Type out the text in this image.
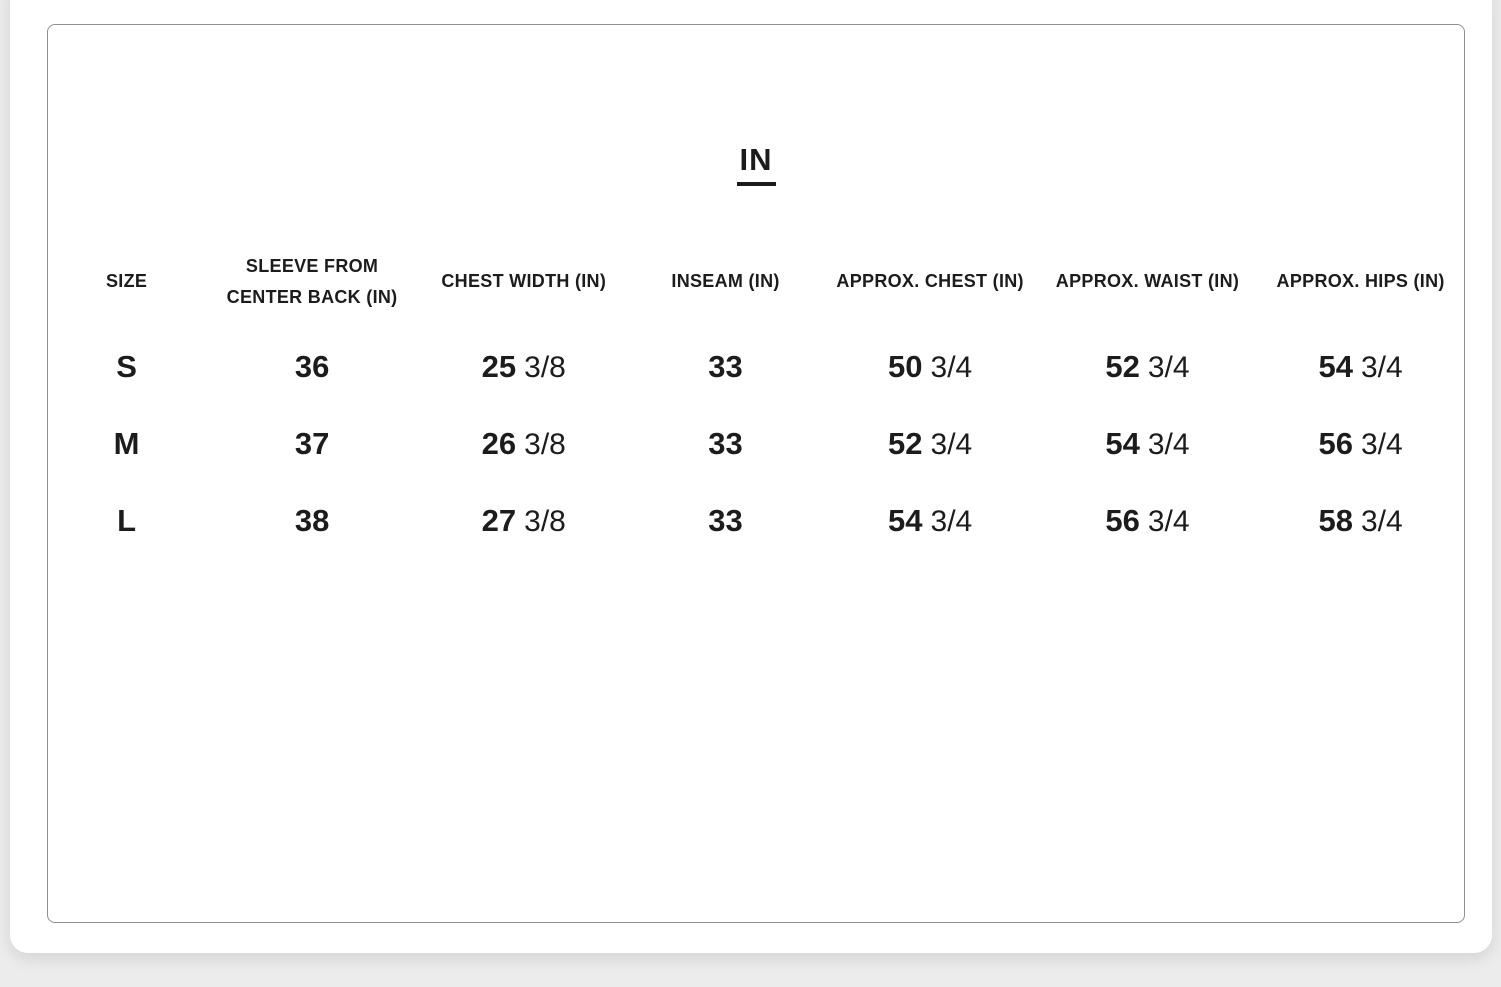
IN
SIZE	SLEEVE FROM CENTER BACK (IN)	CHEST WIDTH (IN)	INSEAM (IN)	APPROX. CHEST (IN)	APPROX. WAIST (IN)	APPROX. HIPS (IN)
S	36	25 3/8	33	50 3/4	52 3/4	54 3/4
M	37	26 3/8	33	52 3/4	54 3/4	56 3/4
L	38	27 3/8	33	54 3/4	56 3/4	58 3/4
